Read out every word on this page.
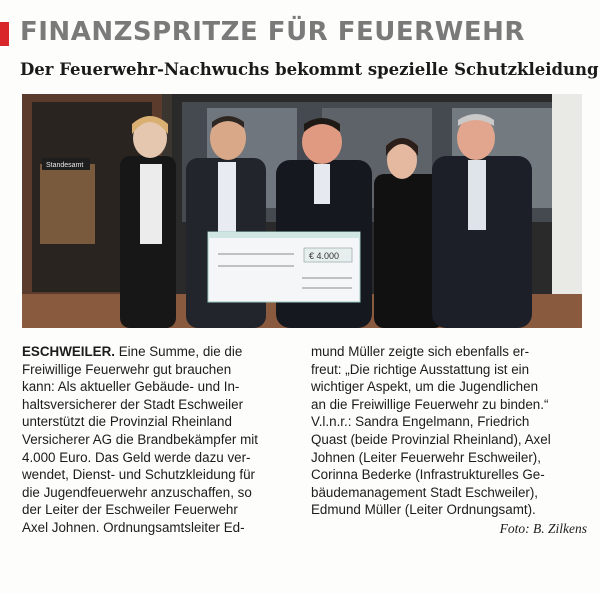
FINANZSPRITZE FÜR FEUERWEHR
Der Feuerwehr-Nachwuchs bekommt spezielle Schutzkleidung
Standesamt
€ 4.000

ESCHWEILER. Eine Summe, die die
Freiwillige Feuerwehr gut brauchen
kann: Als aktueller Gebäude- und In-
haltsversicherer der Stadt Eschweiler
unterstützt die Provinzial Rheinland
Versicherer AG die Brandbekämpfer mit
4.000 Euro. Das Geld werde dazu ver-
wendet, Dienst- und Schutzkleidung für
die Jugendfeuerwehr anzuschaffen, so
der Leiter der Eschweiler Feuerwehr
Axel Johnen. Ordnungsamtsleiter Ed-

mund Müller zeigte sich ebenfalls er-
freut: „Die richtige Ausstattung ist ein
wichtiger Aspekt, um die Jugendlichen
an die Freiwillige Feuerwehr zu binden.“
V.l.n.r.: Sandra Engelmann, Friedrich
Quast (beide Provinzial Rheinland), Axel
Johnen (Leiter Feuerwehr Eschweiler),
Corinna Bederke (Infrastrukturelles Ge-
bäudemanagement Stadt Eschweiler),
Edmund Müller (Leiter Ordnungsamt).

Foto: B. Zilkens
